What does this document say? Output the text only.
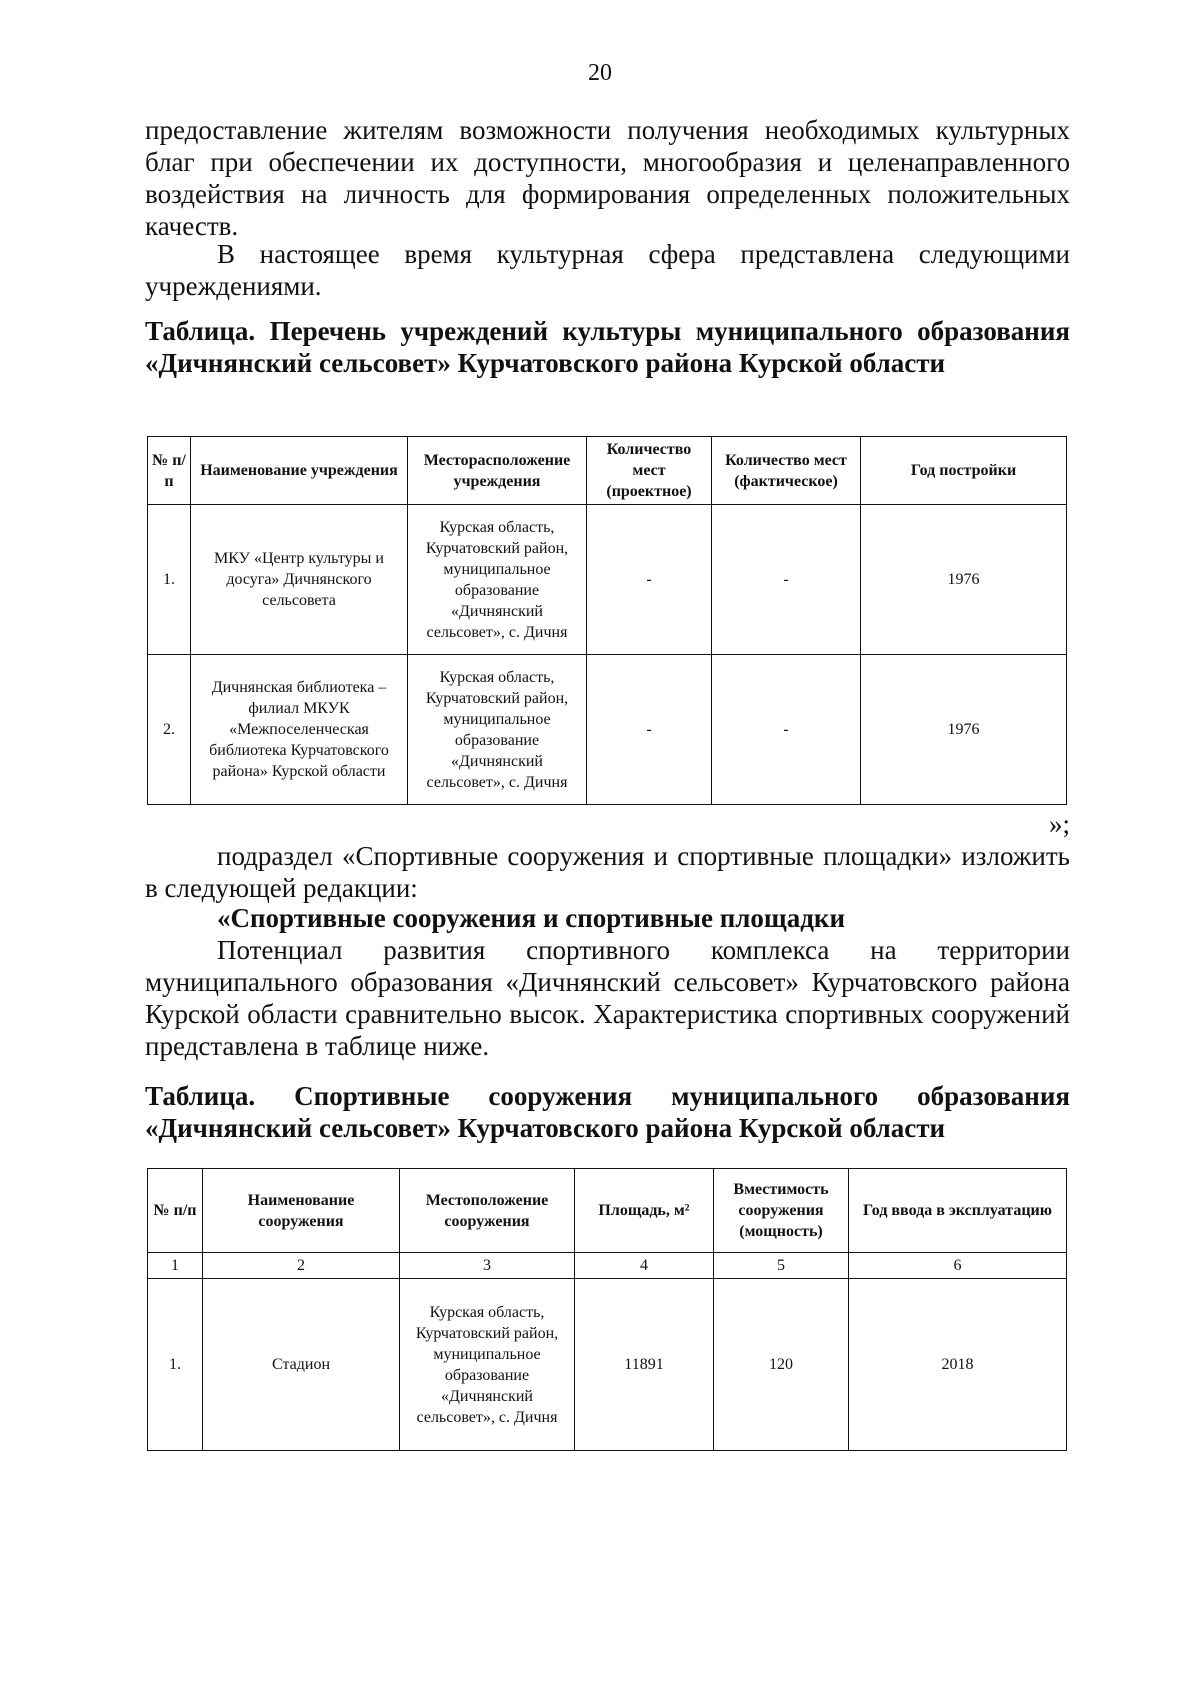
20
предоставление жителям возможности получения необходимых культурных благ при обеспечении их доступности, многообразия и целенаправленного воздействия на личность для формирования определенных положительных качеств.
В настоящее время культурная сфера представлена следующими учреждениями.
Таблица. Перечень учреждений культуры муниципального образования «Дичнянский сельсовет» Курчатовского района Курской области
№ п/п	Наименование учреждения	Месторасположение учреждения	Количество мест (проектное)	Количество мест (фактическое)	Год постройки
1.	МКУ «Центр культуры и досуга» Дичнянского сельсовета	Курская область, Курчатовский район, муниципальное образование «Дичнянский сельсовет», с. Дичня	-	-	1976
2.	Дичнянская библиотека – филиал МКУК «Межпоселенческая библиотека Курчатовского района» Курской области	Курская область, Курчатовский район, муниципальное образование «Дичнянский сельсовет», с. Дичня	-	-	1976
»;
подраздел «Спортивные сооружения и спортивные площадки» изложить в следующей редакции:
«Спортивные сооружения и спортивные площадки
Потенциал развития спортивного комплекса на территории муниципального образования «Дичнянский сельсовет» Курчатовского района Курской области сравнительно высок. Характеристика спортивных сооружений представлена в таблице ниже.
Таблица. Спортивные сооружения муниципального образования «Дичнянский сельсовет» Курчатовского района Курской области
№ п/п	Наименование сооружения	Местоположение сооружения	Площадь, м²	Вместимость сооружения (мощность)	Год ввода в эксплуатацию
1	2	3	4	5	6
1.	Стадион	Курская область, Курчатовский район, муниципальное образование «Дичнянский сельсовет», с. Дичня	11891	120	2018
